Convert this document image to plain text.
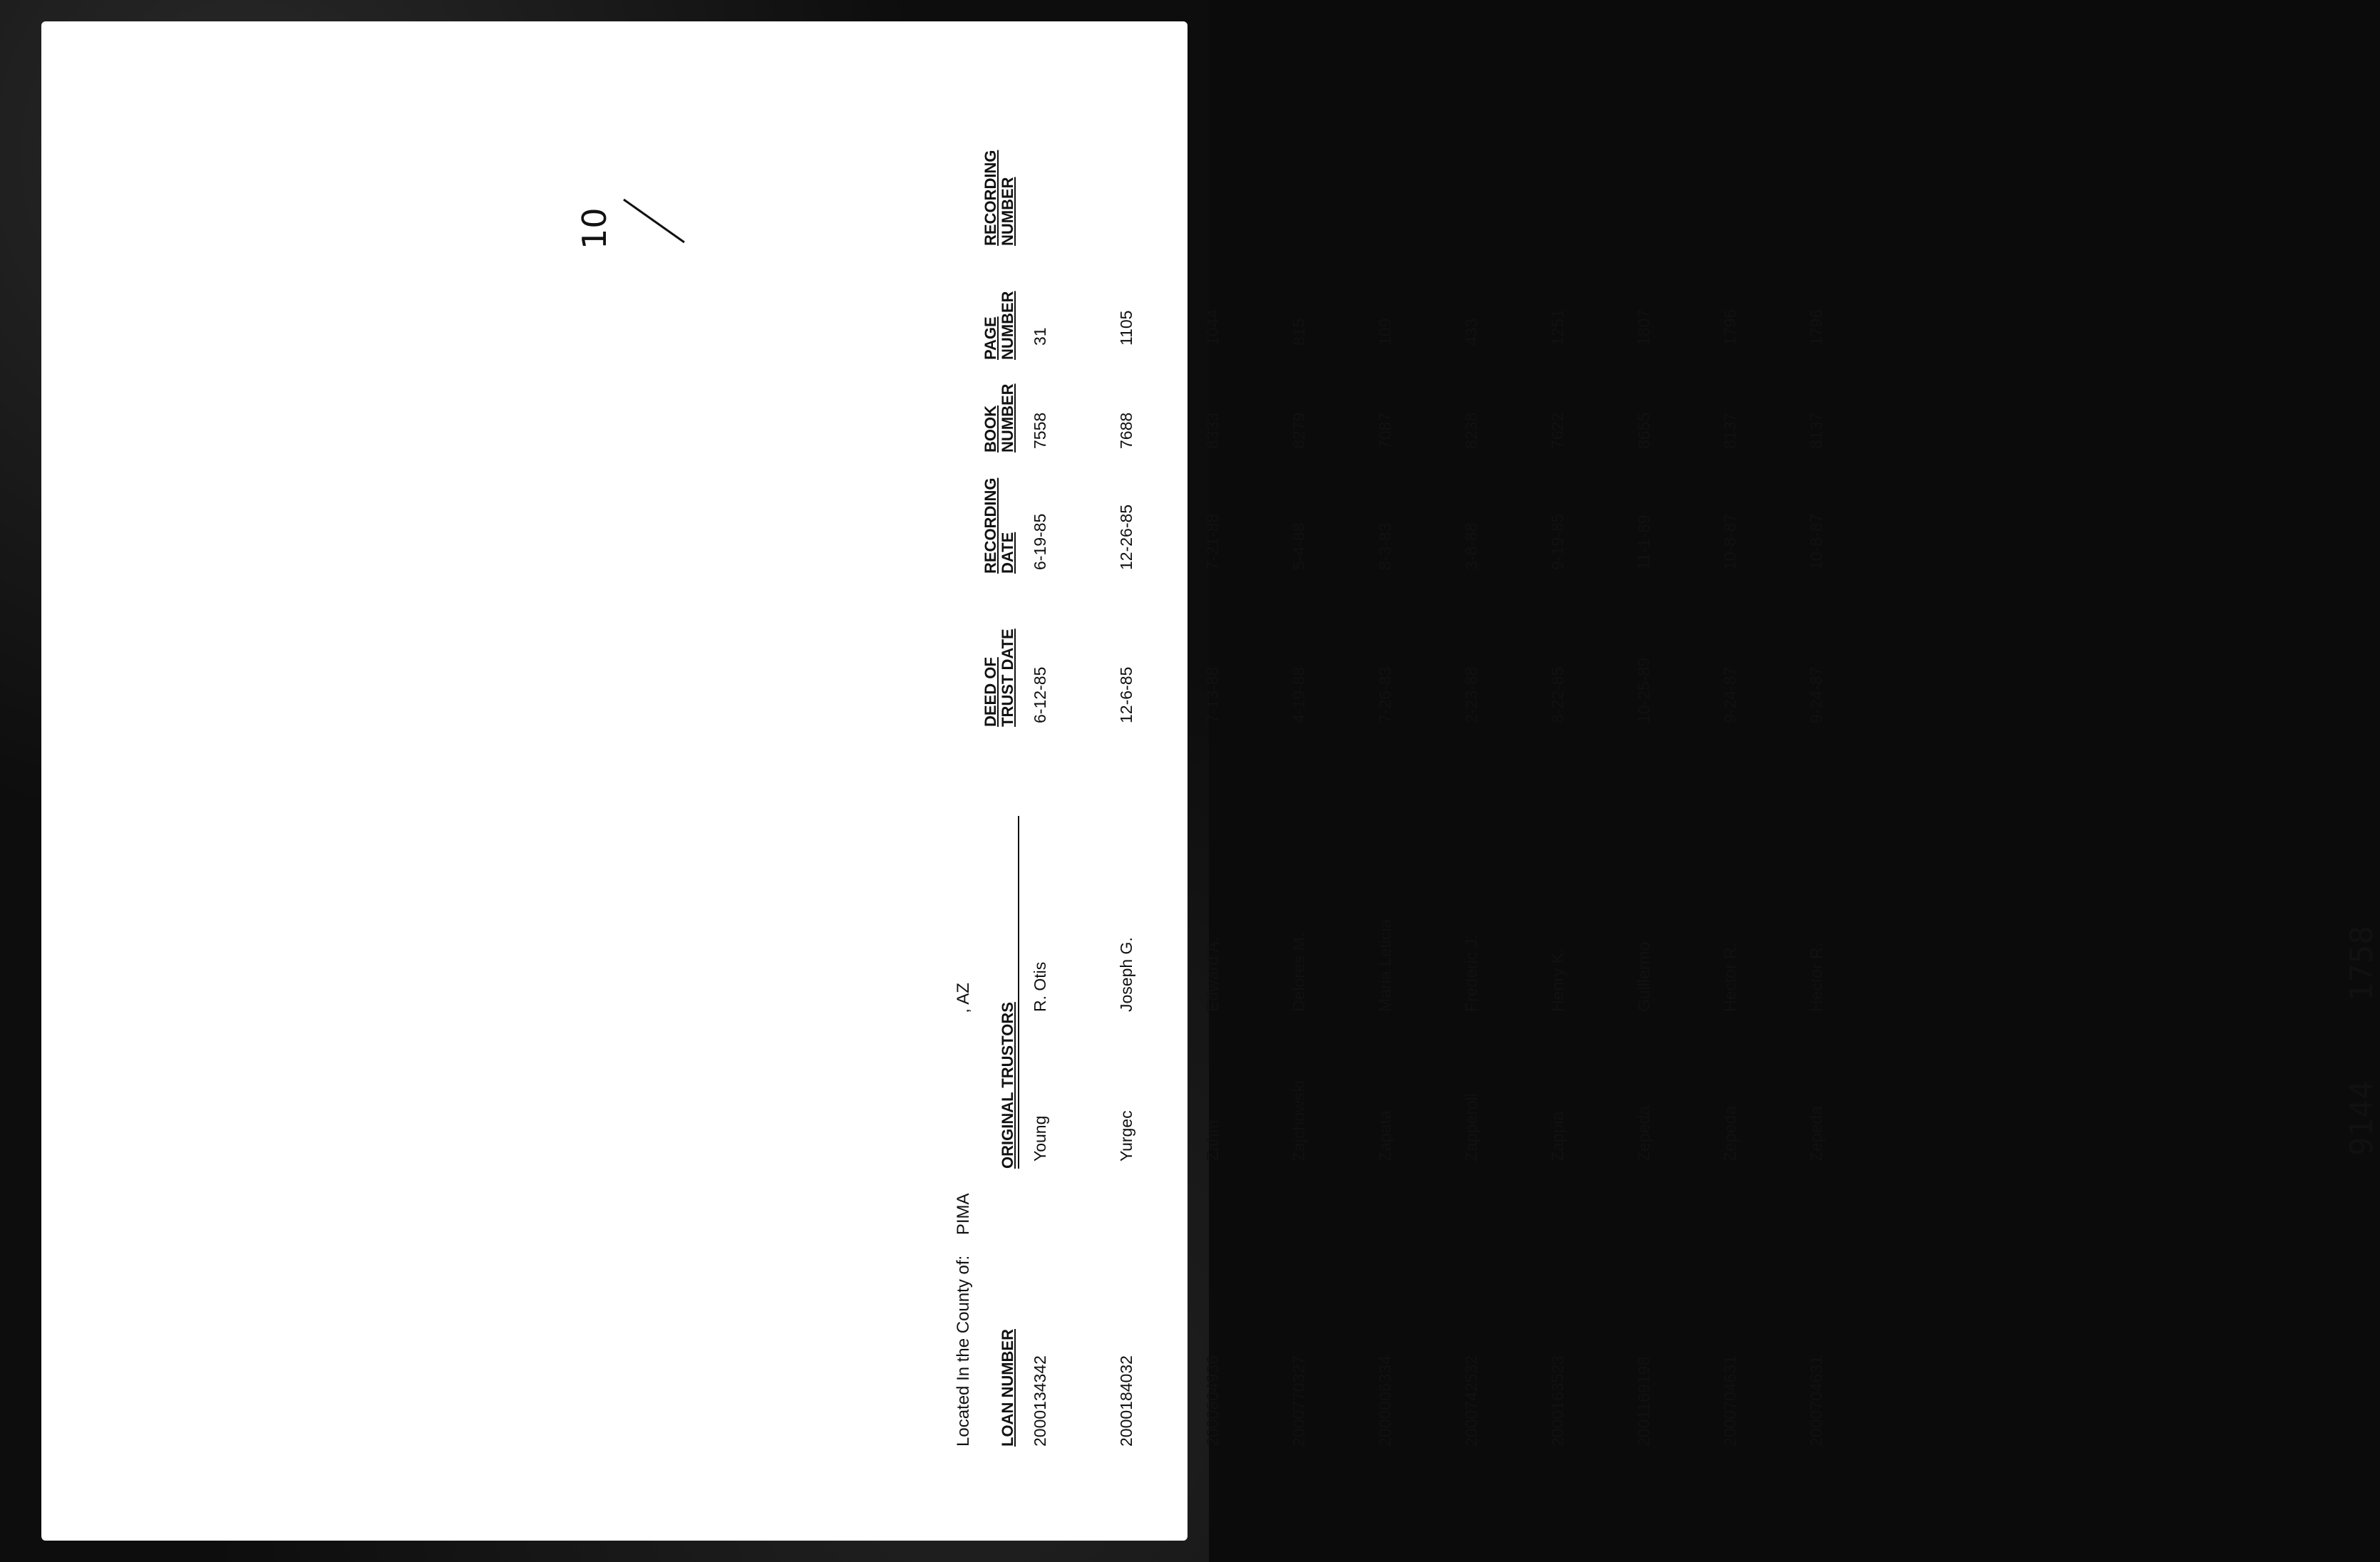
Located In the County of: PIMA , AZ
LOAN NUMBER
ORIGINAL TRUSTORS
DEED OF TRUST DATE
RECORDING DATE
BOOK NUMBER
PAGE NUMBER
RECORDING NUMBER
2000134342
Young
R. Otis
6-12-85
6-19-85
7558
31
2000184032
Yurgec
Joseph G.
12-6-85
12-26-85
7688
1105
2000804936
Zahm
Edward A.
7-13-88
7-21-88
8333
1044
2000770327
Zajchowski
Delores M.
4-19-88
5-4-88
8279
815
2000006334
Zapata
Maria Leticia
7-26-83
8-3-83
7087
109
2000742532
Zapperoll
Frederic J.
2-23-88
3-8-88
8238
433
2000163523
Zappia
Henry K.
8-22-85
9-19-85
7622
1251
2001169198
Zepeda
Guillermo
10-25-89
11-1-89
8655
1807
2000704631
Zepeda
Hector R.
9-24-87
10-8-87
8137
1796
2000704631
Zepeda
Hector R.
9-24-87
10-8-87
8137
1796
9144
1758
10
